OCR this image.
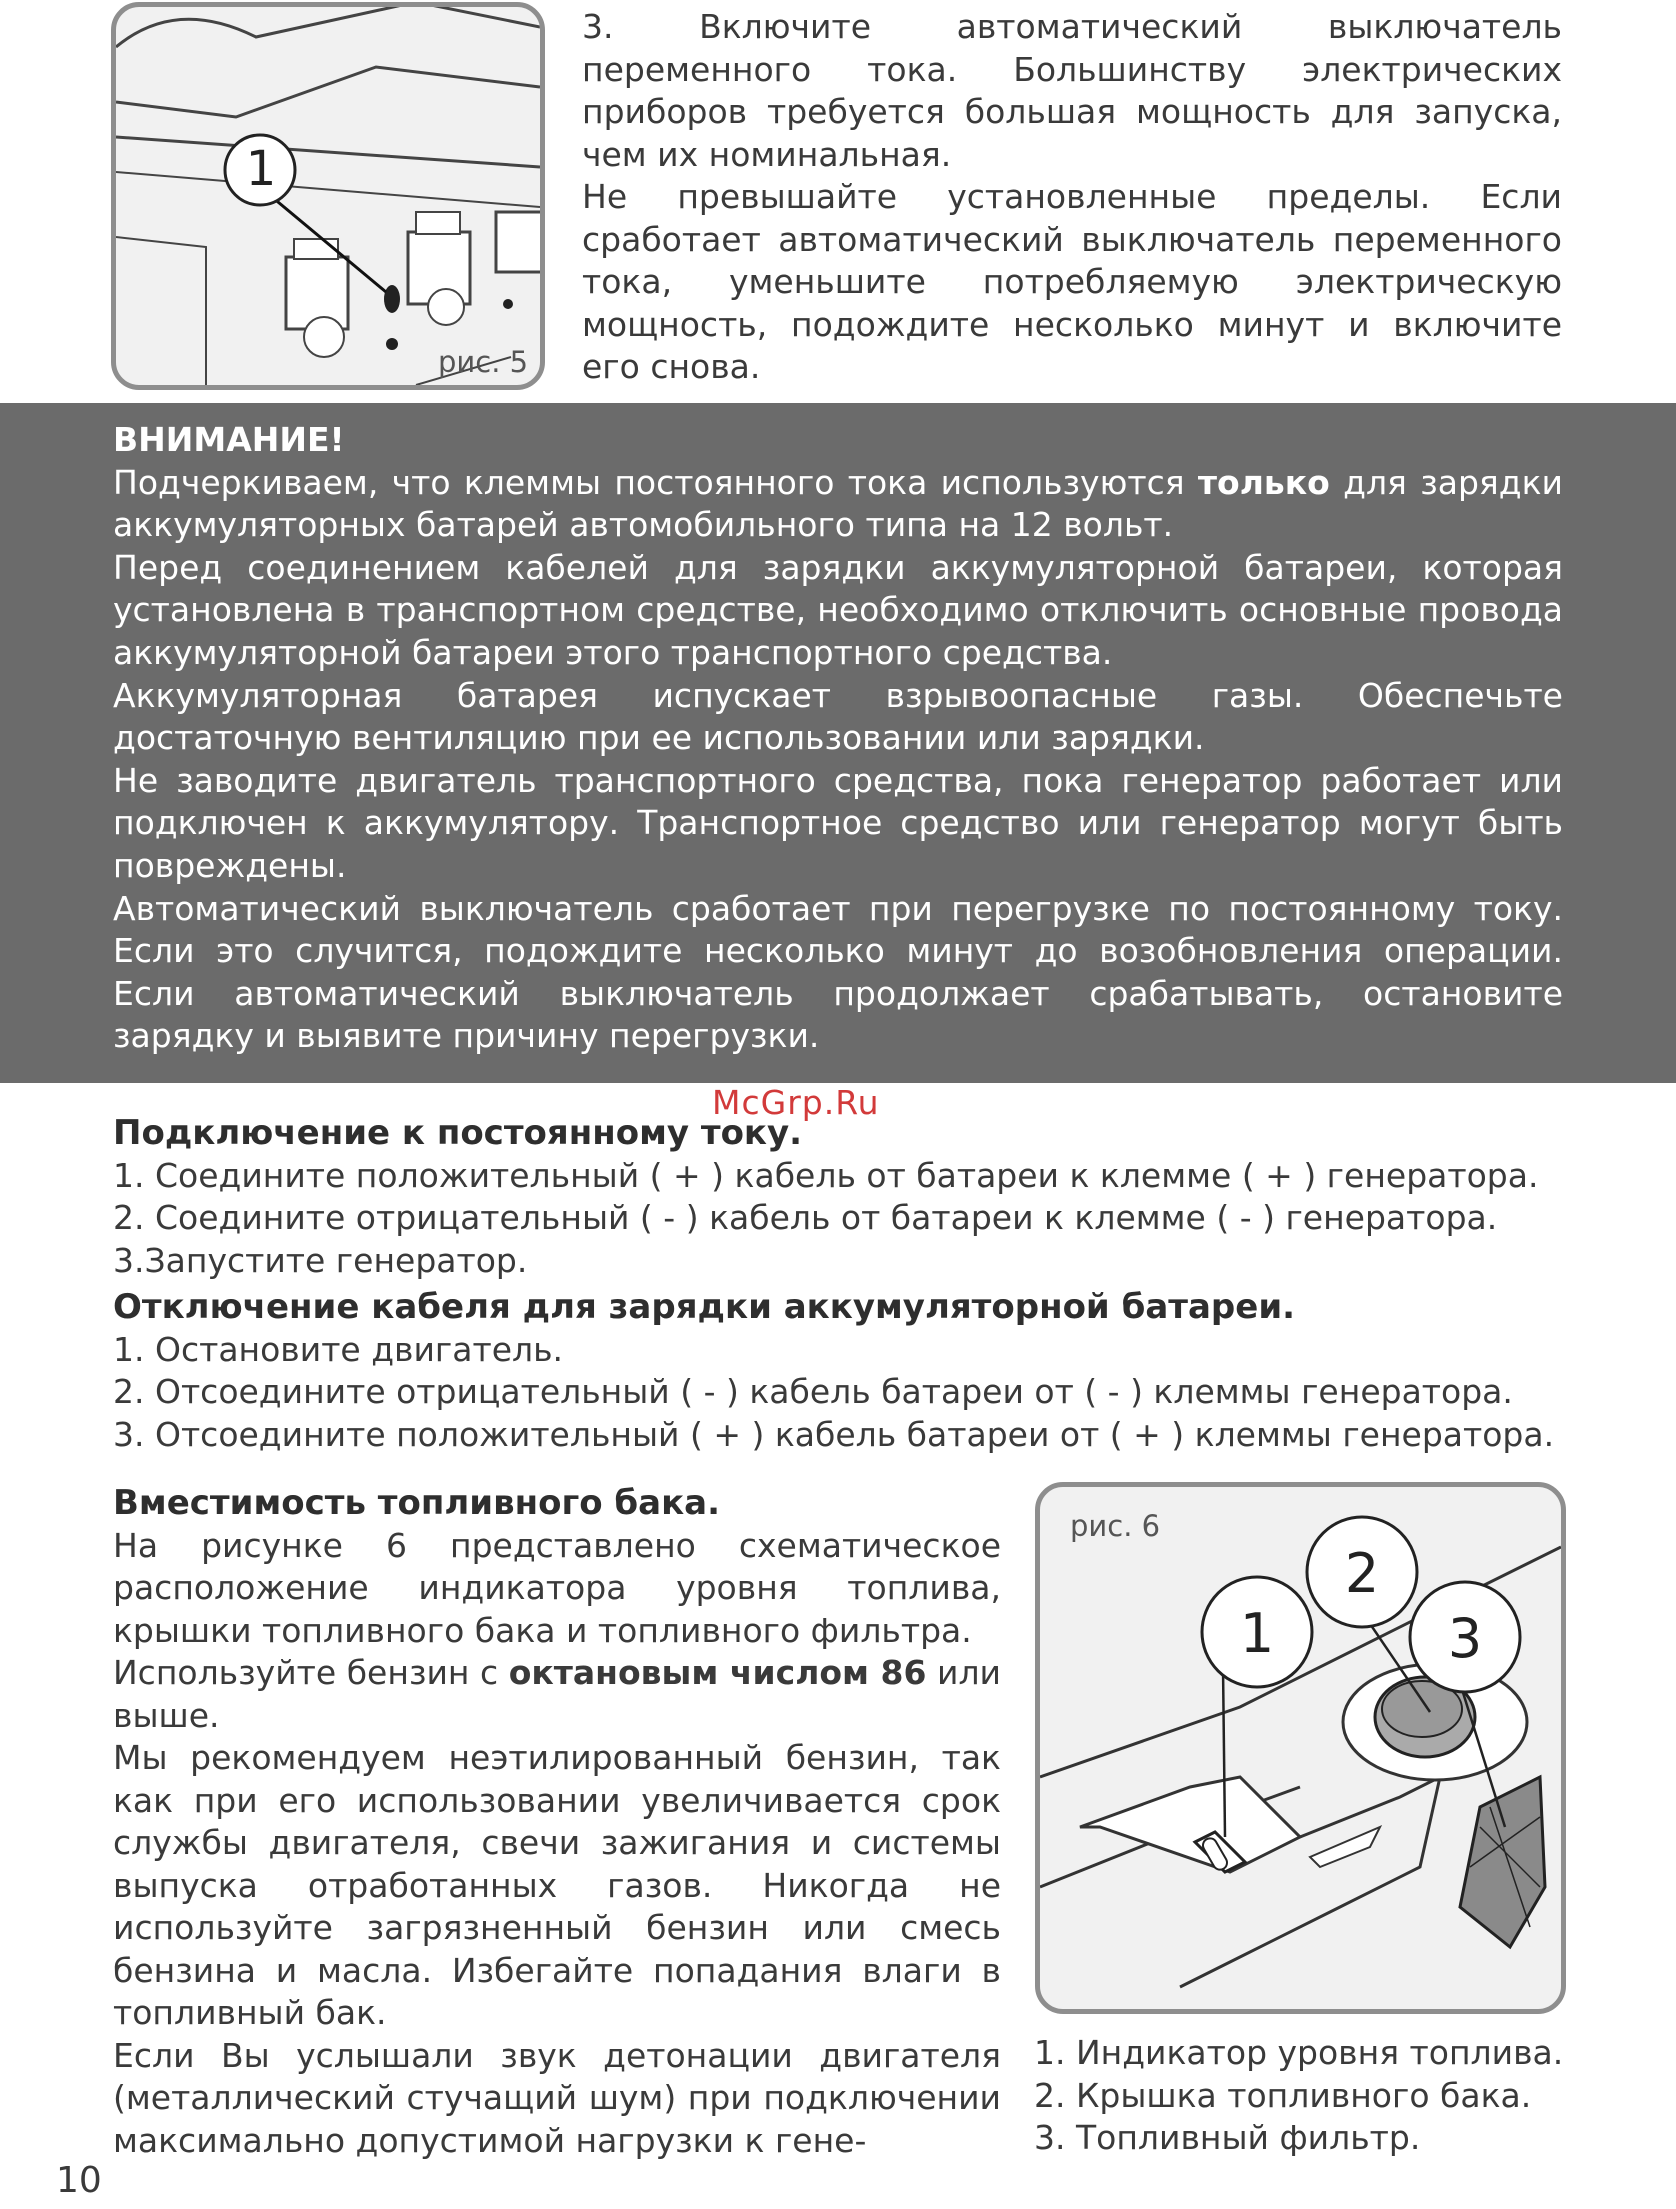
1
рис. 5

3. Включите автоматический выключатель переменного тока. Большинству электрических приборов требуется большая мощность для запуска, чем их номинальная.

Не превышайте установленные пределы. Если сработает автоматический выключатель переменного тока, уменьшите потребляемую электрическую мощность, подождите несколько минут и включите его снова.

ВНИМАНИЕ!

Подчеркиваем, что клеммы постоянного тока используются только для зарядки аккумуляторных батарей автомобильного типа на 12 вольт.

Перед соединением кабелей для зарядки аккумуляторной батареи, которая установлена в транспортном средстве, необходимо отключить основные провода аккумуляторной батареи этого транспортного средства.

Аккумуляторная батарея испускает взрывоопасные газы. Обеспечьте достаточную вентиляцию при ее использовании или зарядки.

Не заводите двигатель транспортного средства, пока генератор работает или подключен к аккумулятору. Транспортное средство или генератор могут быть повреждены.

Автоматический выключатель сработает при перегрузке по постоянному току. Если это случится, подождите несколько минут до возобновления операции. Если автоматический выключатель продолжает срабатывать, остановите зарядку и выявите причину перегрузки.

McGrp.Ru
Подключение к постоянному току.

1. Соедините положительный ( + ) кабель от батареи к клемме ( + ) генератора.

2. Соедините отрицательный ( - ) кабель от батареи к клемме ( - ) генератора.

3.Запустите генератор.

Отключение кабеля для зарядки аккумуляторной батареи.

1. Остановите двигатель.

2. Отсоедините отрицательный ( - ) кабель батареи от ( - ) клеммы генератора.

3. Отсоедините положительный ( + ) кабель батареи от ( + ) клеммы генератора.

Вместимость топливного бака.

На рисунке 6 представлено схематическое расположение индикатора уровня топлива, крышки топливного бака и топливного фильтра.

Используйте бензин с октановым числом 86 или выше.

Мы рекомендуем неэтилированный бензин, так как при его использовании увеличивается срок службы двигателя, свечи зажигания и системы выпуска отработанных газов. Никогда не используйте загрязненный бензин или смесь бензина и масла. Избегайте попадания влаги в топливный бак.

Если Вы услышали звук детонации двигателя (металлический стучащий шум) при подключении максимально допустимой нагрузки к гене-

1
2
3
рис. 6

1. Индикатор уровня топлива.

2. Крышка топливного бака.

3. Топливный фильтр.

10
